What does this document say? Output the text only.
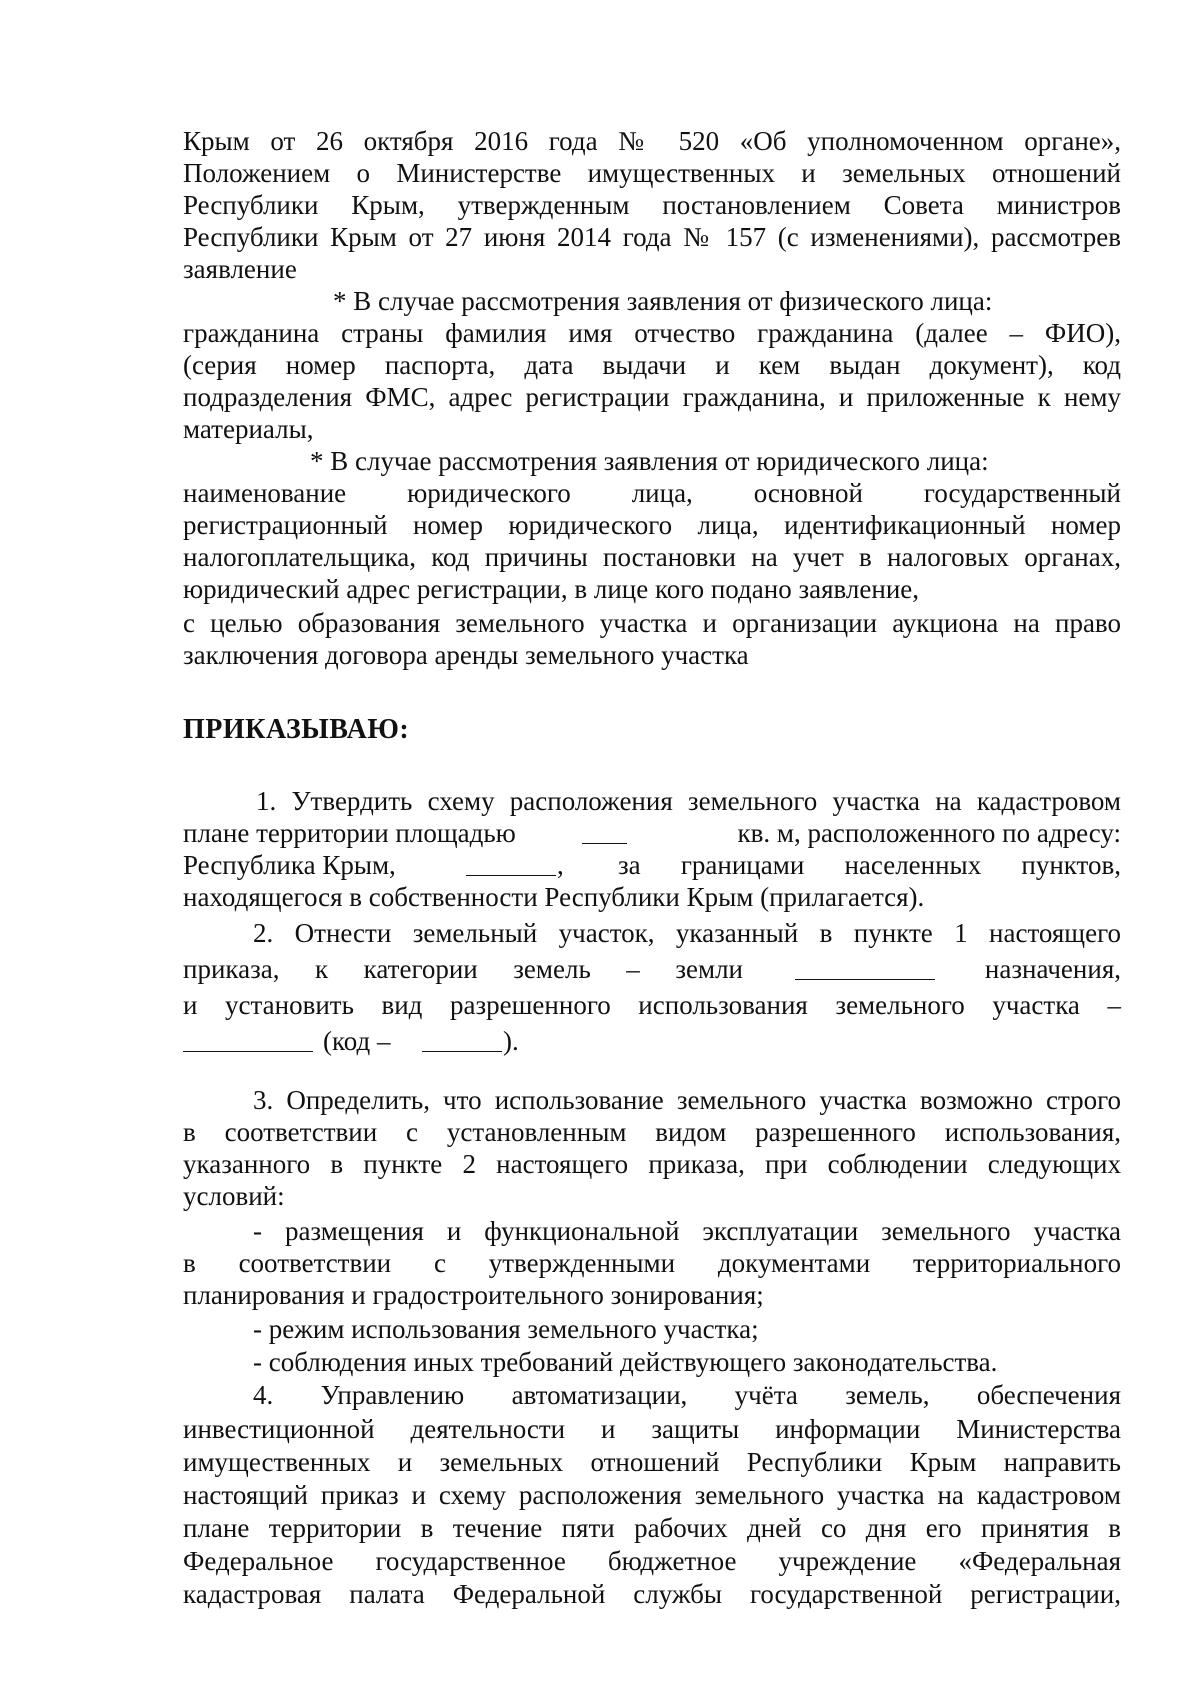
Крым от 26 октября 2016 года № 520 «Об уполномоченном органе»,
Положением о Министерстве имущественных и земельных отношений
Республики Крым, утвержденным постановлением Совета министров
Республики Крым от 27 июня 2014 года № 157 (с изменениями), рассмотрев
заявление
* В случае рассмотрения заявления от физического лица:
гражданина страны фамилия имя отчество гражданина (далее – ФИО),
(серия номер паспорта, дата выдачи и кем выдан документ), код
подразделения ФМС, адрес регистрации гражданина, и приложенные к нему
материалы,
* В случае рассмотрения заявления от юридического лица:
наименование юридического лица, основной государственный
регистрационный номер юридического лица, идентификационный номер
налогоплательщика, код причины постановки на учет в налоговых органах,
юридический адрес регистрации, в лице кого подано заявление,
с целью образования земельного участка и организации аукциона на право
заключения договора аренды земельного участка
ПРИКАЗЫВАЮ:
1. Утвердить схему расположения земельного участка на кадастровом
плане территории площадью	кв. м, расположенного по адресу:
Республика Крым,	, за границами населенных пунктов,
находящегося в собственности Республики Крым (прилагается).
2. Отнести земельный участок, указанный в пункте 1 настоящего
приказа, к категории земель – земли	назначения,
и установить вид разрешенного использования земельного участка –
(код –	).
3. Определить, что использование земельного участка возможно строго
в соответствии с установленным видом разрешенного использования,
указанного в пункте 2 настоящего приказа, при соблюдении следующих
условий:
- размещения и функциональной эксплуатации земельного участка
в соответствии с утвержденными документами территориального
планирования и градостроительного зонирования;
- режим использования земельного участка;
- соблюдения иных требований действующего законодательства.
4. Управлению автоматизации, учёта земель, обеспечения
инвестиционной деятельности и защиты информации Министерства
имущественных и земельных отношений Республики Крым направить
настоящий приказ и схему расположения земельного участка на кадастровом
плане территории в течение пяти рабочих дней со дня его принятия в
Федеральное государственное бюджетное учреждение «Федеральная
кадастровая палата Федеральной службы государственной регистрации,
